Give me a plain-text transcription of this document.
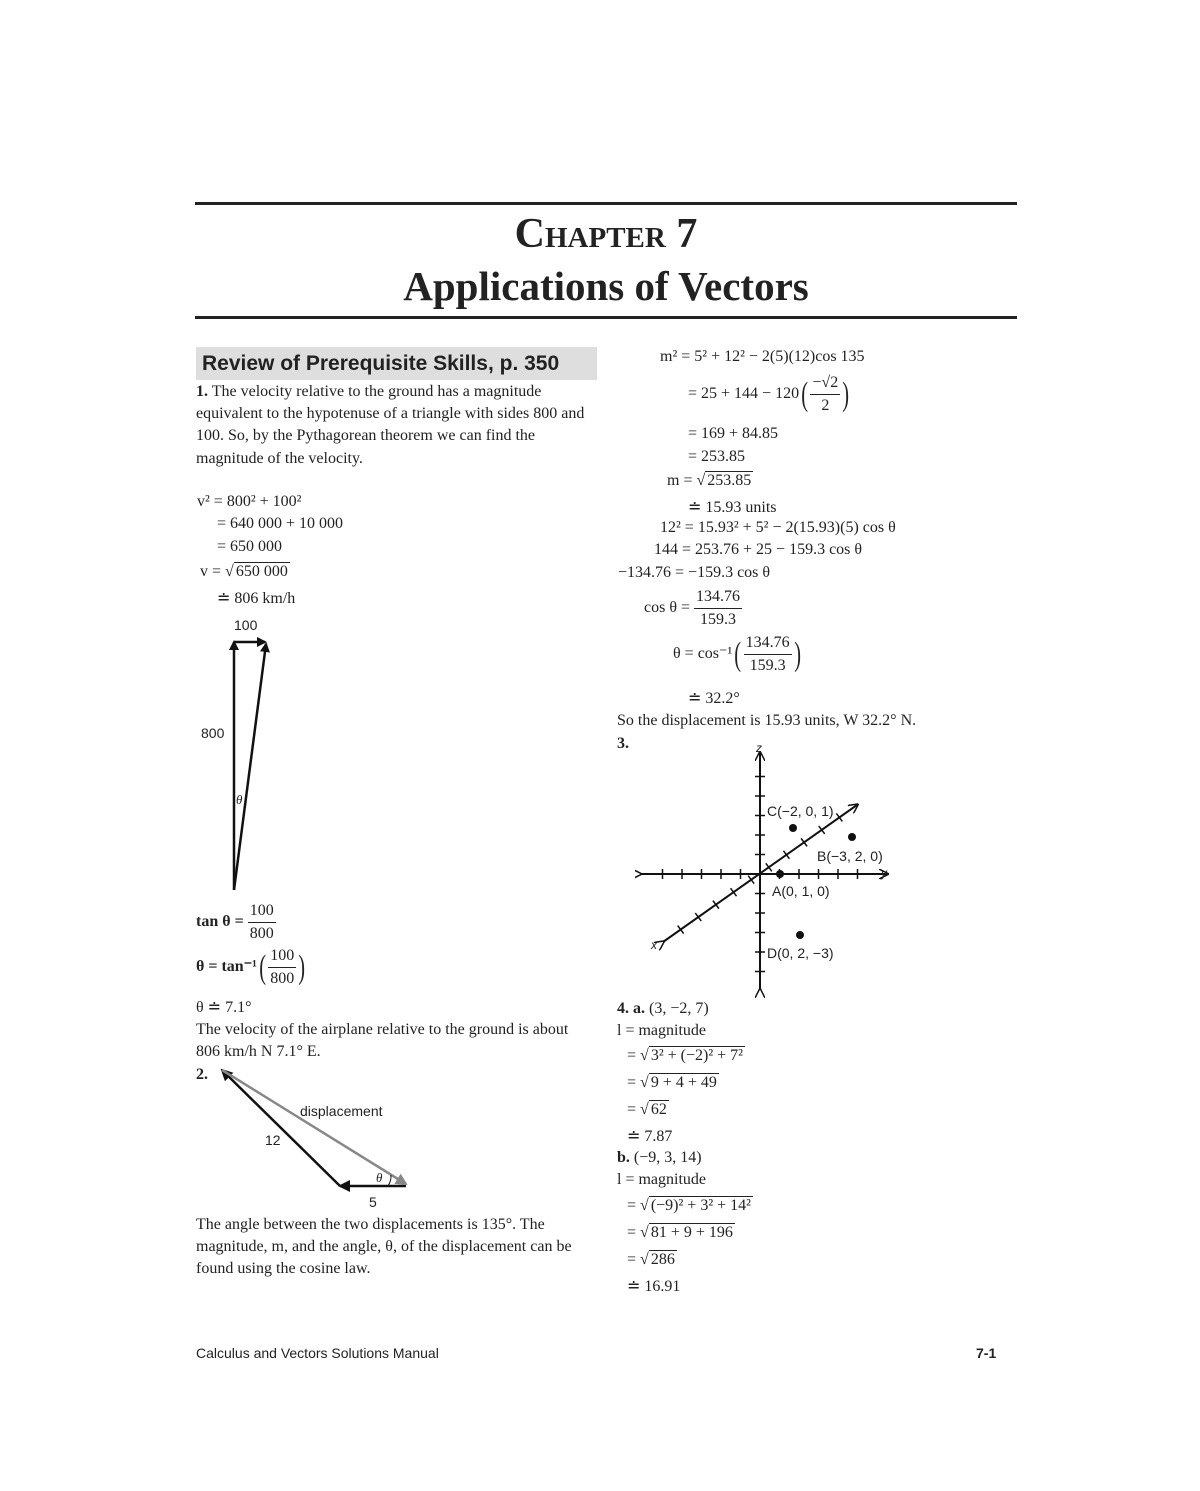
Chapter 7
Applications of Vectors
Review of Prerequisite Skills, p. 350
1. The velocity relative to the ground has a magnitude equivalent to the hypotenuse of a triangle with sides 800 and 100. So, by the Pythagorean theorem we can find the magnitude of the velocity.
v² = 800² + 100²
= 640 000 + 10 000
= 650 000
v = √ 650 000
≐ 806 km/h
100
800
θ
$\tan \theta = \frac{100}{800}$
$\theta = \tan^{-1}( \frac{100}{800}$ )
θ ≐ 7.1°
The velocity of the airplane relative to the ground is about 806 km/h N 7.1° E.
2.
displacement
12
5
θ
The angle between the two displacements is 135°. The magnitude, m, and the angle, θ, of the displacement can be found using the cosine law.
m² = 5² + 12² − 2(5)(12)cos 135
= $25 + 144 - 120( \frac{-√2}{2}$ )
= 169 + 84.85
= 253.85
m = √ 253.85
≐ 15.93 units
12² = 15.93² + 5² − 2(15.93)(5) cos θ
144 = 253.76 + 25 − 159.3 cos θ
−134.76 = −159.3 cos θ
$\cos \theta = \frac{134.76}{159.3}$
$\theta = \cos^{-1}( \frac{134.76}{159.3}$ )
≐ 32.2°
So the displacement is 15.93 units, W 32.2° N.
3.	z
y
x
C(−2, 0, 1)
B(−3, 2, 0)
A(0, 1, 0)
D(0, 2, −3)
4. a. (3, −2, 7)
l = magnitude
= √ 3² + (−2)² + 7²
= √ 9 + 4 + 49
= √ 62
≐ 7.87
b. (−9, 3, 14)
l = magnitude
= √ (−9)² + 3² + 14²
= √ 81 + 9 + 196
= √ 286
≐ 16.91
Calculus and Vectors Solutions Manual	7-1
